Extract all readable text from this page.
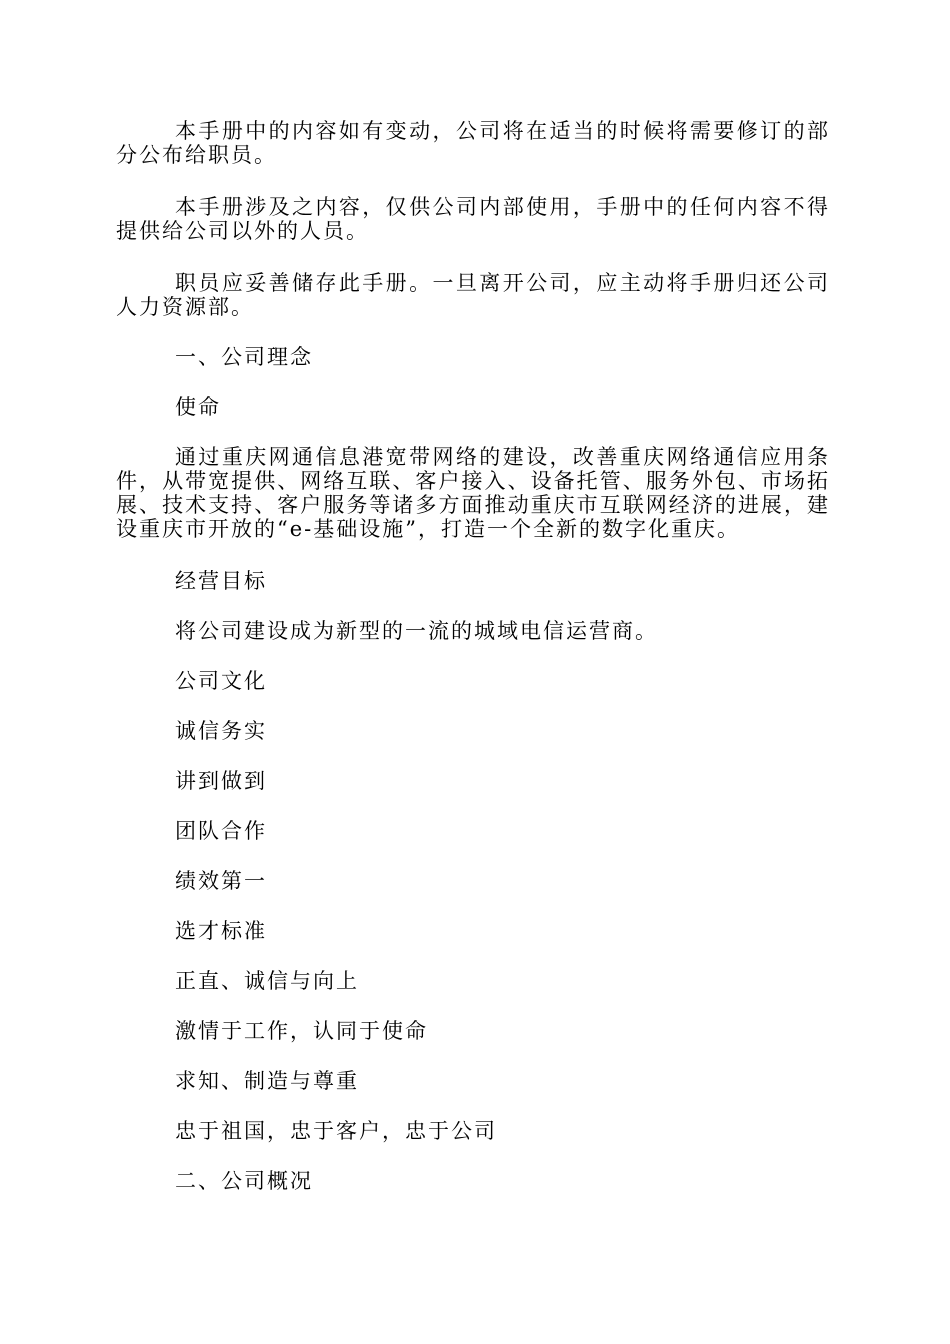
本手册中的内容如有变动，公司将在适当的时候将需要修订的部分公布给职员。

本手册涉及之内容，仅供公司内部使用，手册中的任何内容不得提供给公司以外的人员。

职员应妥善储存此手册。一旦离开公司，应主动将手册归还公司人力资源部。

一、公司理念

使命

通过重庆网通信息港宽带网络的建设，改善重庆网络通信应用条件，从带宽提供、网络互联、客户接入、设备托管、服务外包、市场拓展、技术支持、客户服务等诸多方面推动重庆市互联网经济的进展，建设重庆市开放的“e-基础设施”，打造一个全新的数字化重庆。

经营目标

将公司建设成为新型的一流的城域电信运营商。

公司文化

诚信务实

讲到做到

团队合作

绩效第一

选才标准

正直、诚信与向上

激情于工作，认同于使命

求知、制造与尊重

忠于祖国，忠于客户，忠于公司

二、公司概况
